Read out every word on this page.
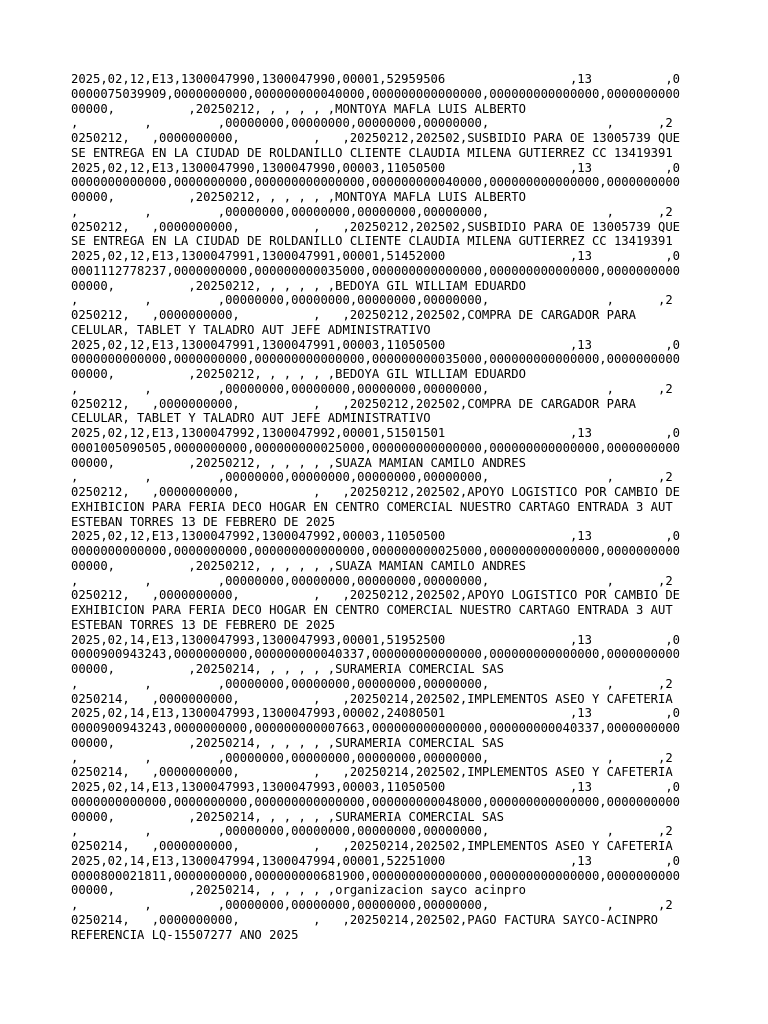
2025,02,12,E13,1300047990,1300047990,00001,52959506                 ,13          ,0
0000075039909,0000000000,000000000040000,000000000000000,000000000000000,0000000000
00000,          ,20250212, , , , , ,MONTOYA MAFLA LUIS ALBERTO
,         ,         ,00000000,00000000,00000000,00000000,                ,      ,2
0250212,   ,0000000000,          ,   ,20250212,202502,SUSBIDIO PARA OE 13005739 QUE
SE ENTREGA EN LA CIUDAD DE ROLDANILLO CLIENTE CLAUDIA MILENA GUTIERREZ CC 13419391
2025,02,12,E13,1300047990,1300047990,00003,11050500                 ,13          ,0
0000000000000,0000000000,000000000000000,000000000040000,000000000000000,0000000000
00000,          ,20250212, , , , , ,MONTOYA MAFLA LUIS ALBERTO
,         ,         ,00000000,00000000,00000000,00000000,                ,      ,2
0250212,   ,0000000000,          ,   ,20250212,202502,SUSBIDIO PARA OE 13005739 QUE
SE ENTREGA EN LA CIUDAD DE ROLDANILLO CLIENTE CLAUDIA MILENA GUTIERREZ CC 13419391
2025,02,12,E13,1300047991,1300047991,00001,51452000                 ,13          ,0
0001112778237,0000000000,000000000035000,000000000000000,000000000000000,0000000000
00000,          ,20250212, , , , , ,BEDOYA GIL WILLIAM EDUARDO
,         ,         ,00000000,00000000,00000000,00000000,                ,      ,2
0250212,   ,0000000000,          ,   ,20250212,202502,COMPRA DE CARGADOR PARA
CELULAR, TABLET Y TALADRO AUT JEFE ADMINISTRATIVO
2025,02,12,E13,1300047991,1300047991,00003,11050500                 ,13          ,0
0000000000000,0000000000,000000000000000,000000000035000,000000000000000,0000000000
00000,          ,20250212, , , , , ,BEDOYA GIL WILLIAM EDUARDO
,         ,         ,00000000,00000000,00000000,00000000,                ,      ,2
0250212,   ,0000000000,          ,   ,20250212,202502,COMPRA DE CARGADOR PARA
CELULAR, TABLET Y TALADRO AUT JEFE ADMINISTRATIVO
2025,02,12,E13,1300047992,1300047992,00001,51501501                 ,13          ,0
0001005090505,0000000000,000000000025000,000000000000000,000000000000000,0000000000
00000,          ,20250212, , , , , ,SUAZA MAMIAN CAMILO ANDRES
,         ,         ,00000000,00000000,00000000,00000000,                ,      ,2
0250212,   ,0000000000,          ,   ,20250212,202502,APOYO LOGISTICO POR CAMBIO DE
EXHIBICION PARA FERIA DECO HOGAR EN CENTRO COMERCIAL NUESTRO CARTAGO ENTRADA 3 AUT
ESTEBAN TORRES 13 DE FEBRERO DE 2025
2025,02,12,E13,1300047992,1300047992,00003,11050500                 ,13          ,0
0000000000000,0000000000,000000000000000,000000000025000,000000000000000,0000000000
00000,          ,20250212, , , , , ,SUAZA MAMIAN CAMILO ANDRES
,         ,         ,00000000,00000000,00000000,00000000,                ,      ,2
0250212,   ,0000000000,          ,   ,20250212,202502,APOYO LOGISTICO POR CAMBIO DE
EXHIBICION PARA FERIA DECO HOGAR EN CENTRO COMERCIAL NUESTRO CARTAGO ENTRADA 3 AUT
ESTEBAN TORRES 13 DE FEBRERO DE 2025
2025,02,14,E13,1300047993,1300047993,00001,51952500                 ,13          ,0
0000900943243,0000000000,000000000040337,000000000000000,000000000000000,0000000000
00000,          ,20250214, , , , , ,SURAMERIA COMERCIAL SAS
,         ,         ,00000000,00000000,00000000,00000000,                ,      ,2
0250214,   ,0000000000,          ,   ,20250214,202502,IMPLEMENTOS ASEO Y CAFETERIA
2025,02,14,E13,1300047993,1300047993,00002,24080501                 ,13          ,0
0000900943243,0000000000,000000000007663,000000000000000,000000000040337,0000000000
00000,          ,20250214, , , , , ,SURAMERIA COMERCIAL SAS
,         ,         ,00000000,00000000,00000000,00000000,                ,      ,2
0250214,   ,0000000000,          ,   ,20250214,202502,IMPLEMENTOS ASEO Y CAFETERIA
2025,02,14,E13,1300047993,1300047993,00003,11050500                 ,13          ,0
0000000000000,0000000000,000000000000000,000000000048000,000000000000000,0000000000
00000,          ,20250214, , , , , ,SURAMERIA COMERCIAL SAS
,         ,         ,00000000,00000000,00000000,00000000,                ,      ,2
0250214,   ,0000000000,          ,   ,20250214,202502,IMPLEMENTOS ASEO Y CAFETERIA
2025,02,14,E13,1300047994,1300047994,00001,52251000                 ,13          ,0
0000800021811,0000000000,000000000681900,000000000000000,000000000000000,0000000000
00000,          ,20250214, , , , , ,organizacion sayco acinpro
,         ,         ,00000000,00000000,00000000,00000000,                ,      ,2
0250214,   ,0000000000,          ,   ,20250214,202502,PAGO FACTURA SAYCO-ACINPRO
REFERENCIA LQ-15507277 ANO 2025
